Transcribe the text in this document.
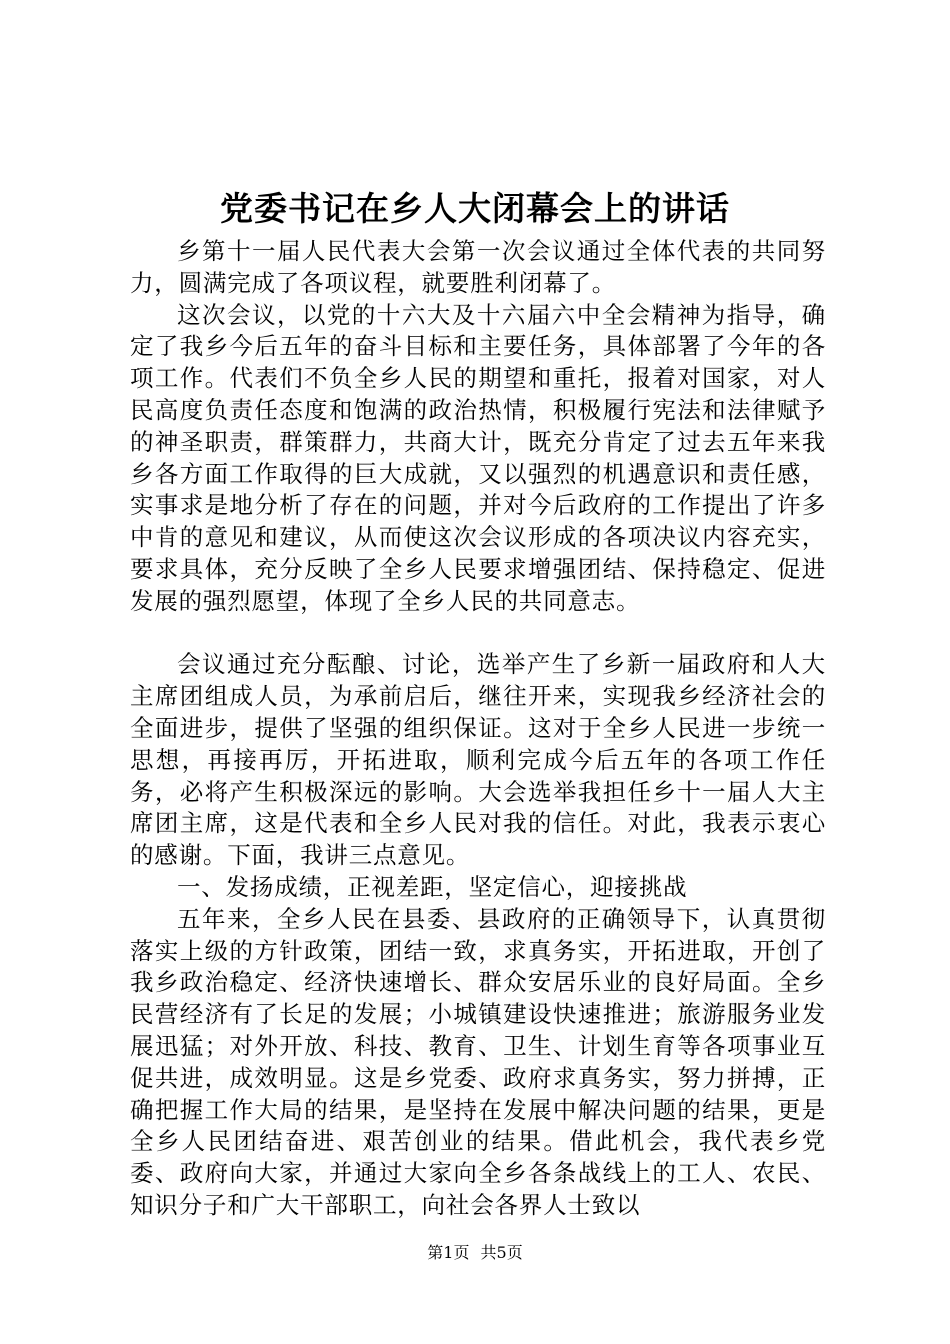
党委书记在乡人大闭幕会上的讲话

乡第十一届人民代表大会第一次会议通过全体代表的共同努力，圆满完成了各项议程，就要胜利闭幕了。

这次会议，以党的十六大及十六届六中全会精神为指导，确定了我乡今后五年的奋斗目标和主要任务，具体部署了今年的各项工作。代表们不负全乡人民的期望和重托，报着对国家，对人民高度负责任态度和饱满的政治热情，积极履行宪法和法律赋予的神圣职责，群策群力，共商大计，既充分肯定了过去五年来我乡各方面工作取得的巨大成就，又以强烈的机遇意识和责任感，实事求是地分析了存在的问题，并对今后政府的工作提出了许多中肯的意见和建议，从而使这次会议形成的各项决议内容充实，要求具体，充分反映了全乡人民要求增强团结、保持稳定、促进发展的强烈愿望，体现了全乡人民的共同意志。

会议通过充分酝酿、讨论，选举产生了乡新一届政府和人大主席团组成人员，为承前启后，继往开来，实现我乡经济社会的全面进步，提供了坚强的组织保证。这对于全乡人民进一步统一思想，再接再厉，开拓进取，顺利完成今后五年的各项工作任务，必将产生积极深远的影响。大会选举我担任乡十一届人大主席团主席，这是代表和全乡人民对我的信任。对此，我表示衷心的感谢。下面，我讲三点意见。

一、发扬成绩，正视差距，坚定信心，迎接挑战

五年来，全乡人民在县委、县政府的正确领导下，认真贯彻落实上级的方针政策，团结一致，求真务实，开拓进取，开创了我乡政治稳定、经济快速增长、群众安居乐业的良好局面。全乡民营经济有了长足的发展；小城镇建设快速推进；旅游服务业发展迅猛；对外开放、科技、教育、卫生、计划生育等各项事业互促共进，成效明显。这是乡党委、政府求真务实，努力拼搏，正确把握工作大局的结果，是坚持在发展中解决问题的结果，更是全乡人民团结奋进、艰苦创业的结果。借此机会，我代表乡党委、政府向大家，并通过大家向全乡各条战线上的工人、农民、知识分子和广大干部职工，向社会各界人士致以

第1页 共5页
